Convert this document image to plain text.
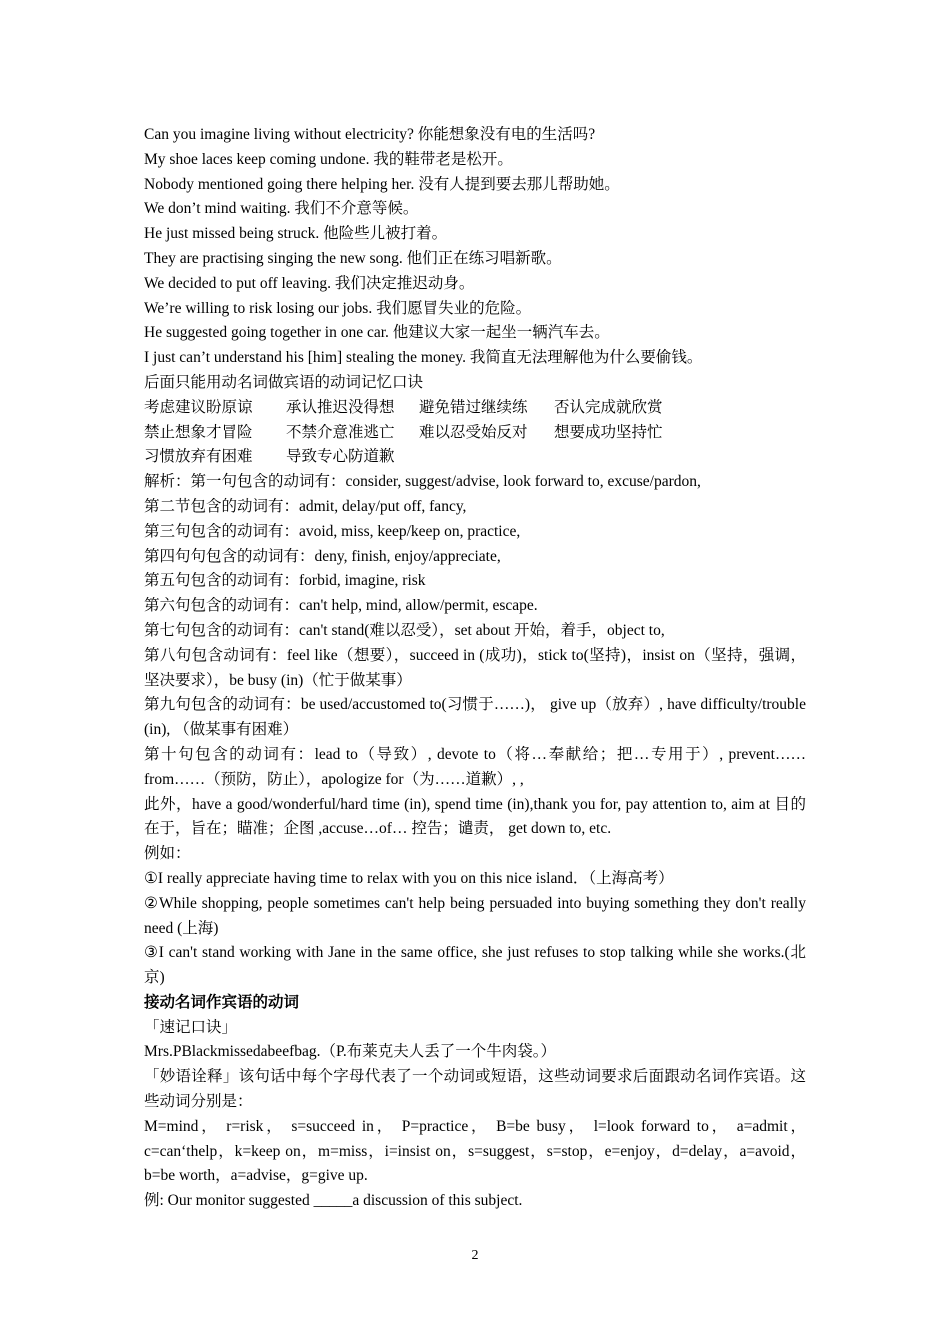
Can you imagine living without electricity? 你能想象没有电的生活吗?
My shoe laces keep coming undone. 我的鞋带老是松开。
Nobody mentioned going there helping her. 没有人提到要去那儿帮助她。
We don’t mind waiting. 我们不介意等候。
He just missed being struck. 他险些儿被打着。
They are practising singing the new song. 他们正在练习唱新歌。
We decided to put off leaving. 我们决定推迟动身。
We’re willing to risk losing our jobs. 我们愿冒失业的危险。
He suggested going together in one car. 他建议大家一起坐一辆汽车去。
I just can’t understand his [him] stealing the money. 我简直无法理解他为什么要偷钱。
后面只能用动名词做宾语的动词记忆口诀
考虑建议盼原谅 承认推迟没得想 避免错过继续练 否认完成就欣赏
禁止想象才冒险 不禁介意准逃亡 难以忍受始反对 想要成功坚持忙
习惯放弃有困难 导致专心防道歉
解析：第一句包含的动词有：consider, suggest/advise, look forward to, excuse/pardon,
第二节包含的动词有：admit, delay/put off, fancy,
第三句包含的动词有：avoid, miss, keep/keep on, practice,
第四句句包含的动词有：deny, finish, enjoy/appreciate,
第五句包含的动词有：forbid, imagine, risk
第六句包含的动词有：can't help, mind, allow/permit, escape.
第七句包含的动词有：can't stand(难以忍受），set about 开始，着手，object to,
第八句包含动词有：feel like（想要），succeed in (成功)，stick to(坚持)，insist on（坚持，强调，坚决要求），be busy (in)（忙于做某事）
第九句包含的动词有：be used/accustomed to(习惯于……)， give up（放弃）, have difficulty/trouble (in), （做某事有困难）
第十句包含的动词有：lead to（导致）, devote to（将…奉献给；把…专用于）, prevent……from……（预防，防止），apologize for（为……道歉）, ,
此外，have a good/wonderful/hard time (in), spend time (in),thank you for, pay attention to, aim at 目的在于，旨在；瞄准；企图 ,accuse…of… 控告；谴责， get down to, etc.
例如：
①I really appreciate having time to relax with you on this nice island．（上海高考）
②While shopping, people sometimes can't help being persuaded into buying something they don't really need (上海)
③I can't stand working with Jane in the same office, she just refuses to stop talking while she works.(北京)
接动名词作宾语的动词
「速记口诀」
Mrs.PBlackmissedabeefbag.（P.布莱克夫人丢了一个牛肉袋。）
「妙语诠释」该句话中每个字母代表了一个动词或短语，这些动词要求后面跟动名词作宾语。这些动词分别是：
M=mind， r=risk， s=succeed in， P=practice， B=be busy， l=look forward to， a=admit，c=can‘thelp，k=keep on，m=miss，i=insist on，s=suggest，s=stop，e=enjoy，d=delay，a=avoid，b=be worth，a=advise，g=give up.
例: Our monitor suggested _____a discussion of this subject.
2
